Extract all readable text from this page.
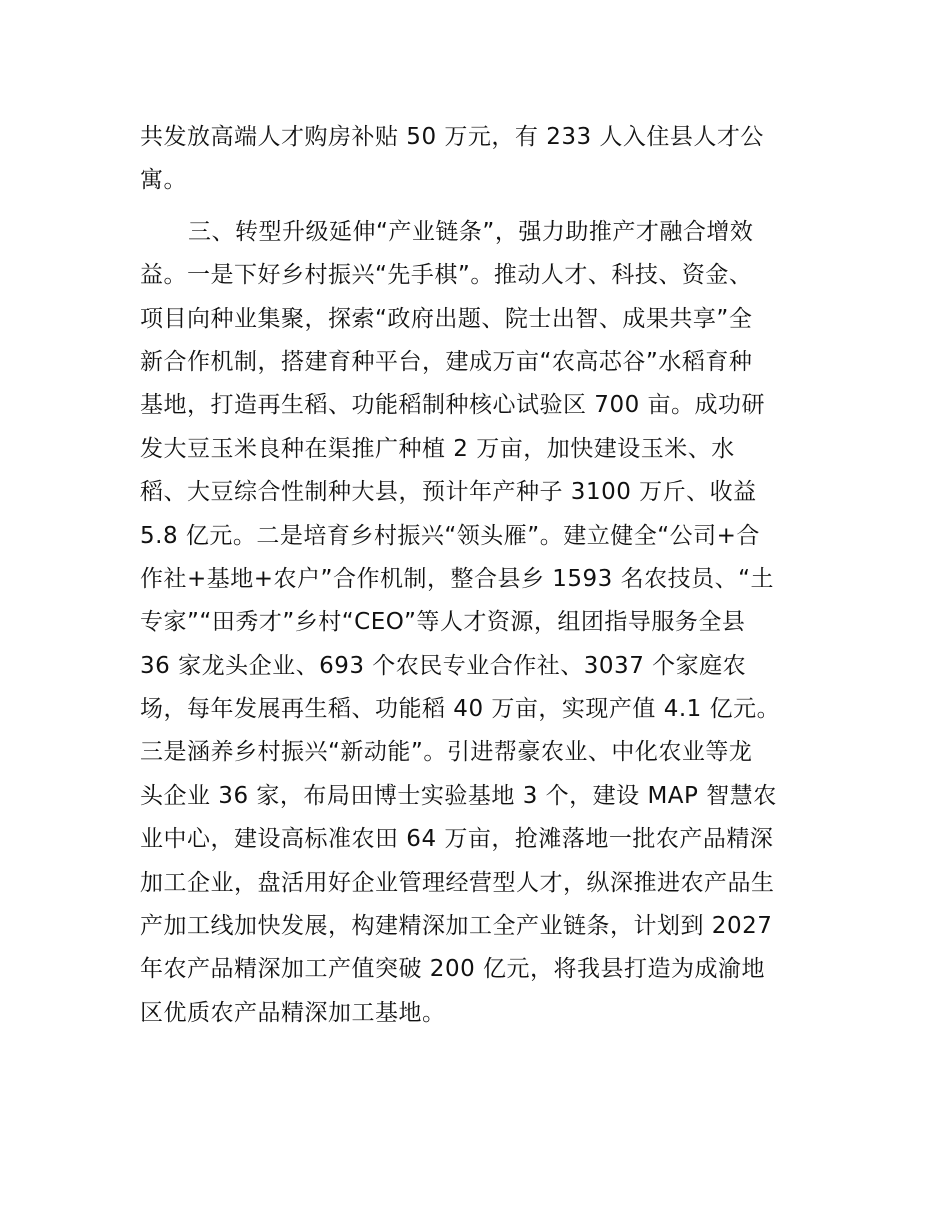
共发放高端人才购房补贴 50 万元，有 233 人入住县人才公
寓。
三、转型升级延伸“产业链条”，强力助推产才融合增效
益。一是下好乡村振兴“先手棋”。推动人才、科技、资金、
项目向种业集聚，探索“政府出题、院士出智、成果共享”全
新合作机制，搭建育种平台，建成万亩“农高芯谷”水稻育种
基地，打造再生稻、功能稻制种核心试验区 700 亩。成功研
发大豆玉米良种在渠推广种植 2 万亩，加快建设玉米、水
稻、大豆综合性制种大县，预计年产种子 3100 万斤、收益
5.8 亿元。二是培育乡村振兴“领头雁”。建立健全“公司+合
作社+基地+农户”合作机制，整合县乡 1593 名农技员、“土
专家”“田秀才”乡村“CEO”等人才资源，组团指导服务全县
36 家龙头企业、693 个农民专业合作社、3037 个家庭农
场，每年发展再生稻、功能稻 40 万亩，实现产值 4.1 亿元。
三是涵养乡村振兴“新动能”。引进帮豪农业、中化农业等龙
头企业 36 家，布局田博士实验基地 3 个，建设 MAP 智慧农
业中心，建设高标准农田 64 万亩，抢滩落地一批农产品精深
加工企业，盘活用好企业管理经营型人才，纵深推进农产品生
产加工线加快发展，构建精深加工全产业链条，计划到 2027
年农产品精深加工产值突破 200 亿元，将我县打造为成渝地
区优质农产品精深加工基地。
